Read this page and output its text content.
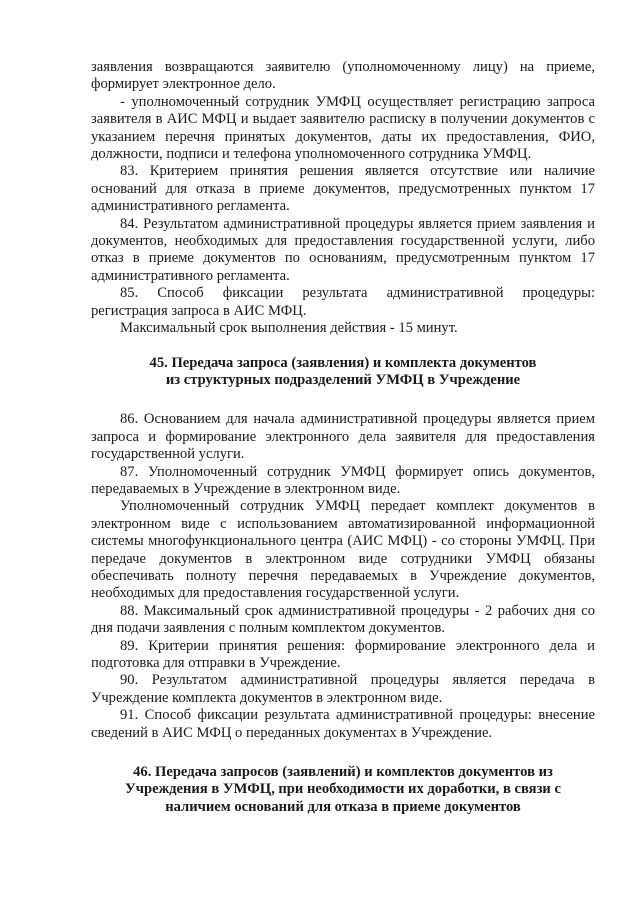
заявления возвращаются заявителю (уполномоченному лицу) на приеме, формирует электронное дело.

- уполномоченный сотрудник УМФЦ осуществляет регистрацию запроса заявителя в АИС МФЦ и выдает заявителю расписку в получении документов с указанием перечня принятых документов, даты их предоставления, ФИО, должности, подписи и телефона уполномоченного сотрудника УМФЦ.

83. Критерием принятия решения является отсутствие или наличие оснований для отказа в приеме документов, предусмотренных пунктом 17 административного регламента.

84. Результатом административной процедуры является прием заявления и документов, необходимых для предоставления государственной услуги, либо отказ в приеме документов по основаниям, предусмотренным пунктом 17 административного регламента.

85. Способ фиксации результата административной процедуры: регистрация запроса в АИС МФЦ.

Максимальный срок выполнения действия - 15 минут.

45. Передача запроса (заявления) и комплекта документов
из структурных подразделений УМФЦ в Учреждение

86. Основанием для начала административной процедуры является прием запроса и формирование электронного дела заявителя для предоставления государственной услуги.

87. Уполномоченный сотрудник УМФЦ формирует опись документов, передаваемых в Учреждение в электронном виде.

Уполномоченный сотрудник УМФЦ передает комплект документов в электронном виде с использованием автоматизированной информационной системы многофункционального центра (АИС МФЦ) - со стороны УМФЦ. При передаче документов в электронном виде сотрудники УМФЦ обязаны обеспечивать полноту перечня передаваемых в Учреждение документов, необходимых для предоставления государственной услуги.

88. Максимальный срок административной процедуры - 2 рабочих дня со дня подачи заявления с полным комплектом документов.

89. Критерии принятия решения: формирование электронного дела и подготовка для отправки в Учреждение.

90. Результатом административной процедуры является передача в Учреждение комплекта документов в электронном виде.

91. Способ фиксации результата административной процедуры: внесение сведений в АИС МФЦ о переданных документах в Учреждение.

46. Передача запросов (заявлений) и комплектов документов из
Учреждения в УМФЦ, при необходимости их доработки, в связи с
наличием оснований для отказа в приеме документов
